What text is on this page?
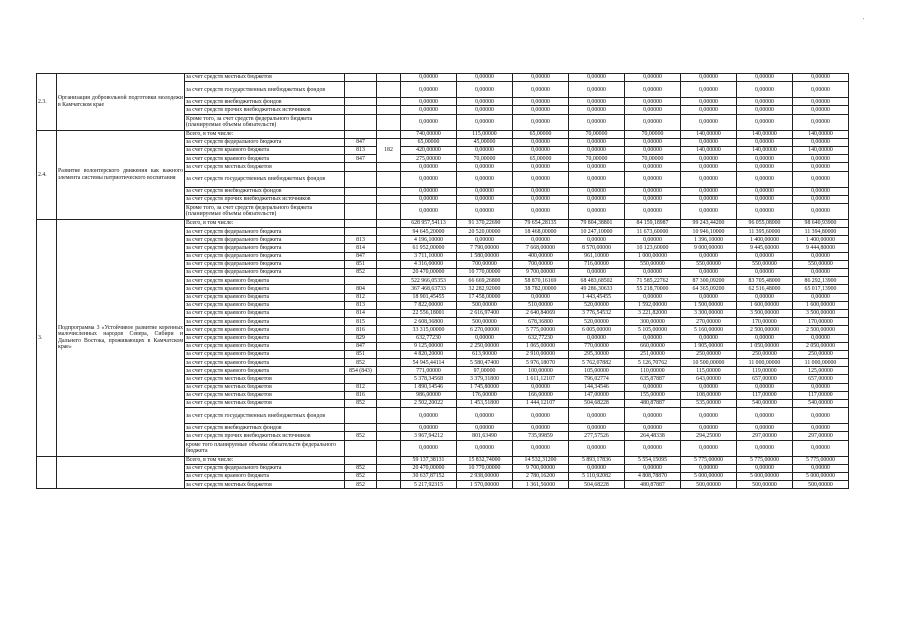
'
2.3.	Организация добровольной подготовки молодежи в Камчатском крае	за счет средств местных бюджетов			0,00000	0,00000	0,00000	0,00000	0,00000	0,00000	0,00000	0,00000
		за счет средств государственных внебюджетных фондов			0,00000	0,00000	0,00000	0,00000	0,00000	0,00000	0,00000	0,00000
		за счет средств внебюджетных фондов			0,00000	0,00000	0,00000	0,00000	0,00000	0,00000	0,00000	0,00000
		за счет средств прочих внебюджетных источников			0,00000	0,00000	0,00000	0,00000	0,00000	0,00000	0,00000	0,00000
		Кроме того, за счет средств федерального бюджета (планируемые объемы обязательств)			0,00000	0,00000	0,00000	0,00000	0,00000	0,00000	0,00000	0,00000
2.4.	Развитие волонтерского движения как важного элемента системы патриотического воспитания	Всего, в том числе:			740,00000	115,00000	65,00000	70,00000	70,00000	140,00000	140,00000	140,00000
		за счет средств федерального бюджета	847	182	65,00000	45,00000	0,00000	0,00000	0,00000	0,00000	0,00000	0,00000
		за счет средств краевого бюджета	813		420,00000	0,00000	0,00000	0,00000	0,00000	140,00000	140,00000	140,00000
		за счет средств краевого бюджета	847		275,00000	70,00000	65,00000	70,00000	70,00000	0,00000	0,00000	0,00000
		за счет средств местных бюджетов			0,00000	0,00000	0,00000	0,00000	0,00000	0,00000	0,00000	0,00000
		за счет средств государственных внебюджетных фондов			0,00000	0,00000	0,00000	0,00000	0,00000	0,00000	0,00000	0,00000
		за счет средств внебюджетных фондов			0,00000	0,00000	0,00000	0,00000	0,00000	0,00000	0,00000	0,00000
		за счет средств прочих внебюджетных источников			0,00000	0,00000	0,00000	0,00000	0,00000	0,00000	0,00000	0,00000
		Кроме того, за счет средств федерального бюджета (планируемые объемы обязательств)			0,00000	0,00000	0,00000	0,00000	0,00000	0,00000	0,00000	0,00000
3.	Подпрограмма 3 «Устойчивое развитие коренных малочисленных народов Севера, Сибири и Дальнего Востока, проживающих в Камчатском крае»	Всего, в том числе:			628 957,54113	91 370,22690	79 654,28135	79 804,38801	84 159,18987	99 243,44200	96 055,08000	98 640,93900
		за счет средств федерального бюджета			94 645,20000	20 520,00000	18 468,00000	10 247,10000	11 673,60000	10 946,10000	11 395,60000	11 394,80000
		за счет средств федерального бюджета	813		4 196,10000	0,00000	0,00000	0,00000	0,00000	1 396,10000	1 400,00000	1 400,00000
		за счет средств федерального бюджета	814		61 952,00000	7 790,00000	7 668,00000	8 570,00000	10 123,60000	9 000,00000	9 445,60000	9 444,80000
		за счет средств федерального бюджета	847		3 711,10000	1 580,00000	400,00000	961,10000	1 000,00000	0,00000	0,00000	0,00000
		за счет средств федерального бюджета	851		4 316,00000	700,00000	700,00000	716,00000	550,00000	550,00000	550,00000	550,00000
		за счет средств федерального бюджета	852		20 470,00000	10 770,00000	9 700,00000	0,00000	0,00000	0,00000	0,00000	0,00000
		за счет средств краевого бюджета			522 966,05353	66 669,26800	58 870,16169	68 483,68502	71 585,22762	87 300,09200	83 705,48000	86 292,13900
		за счет средств краевого бюджета	804		367 468,63733	32 282,92000	38 782,00000	49 286,30633	55 218,70000	64 365,09200	62 516,48000	65 017,13900
		за счет средств краевого бюджета	812		18 901,45455	17 458,00000	0,00000	1 443,45455	0,00000	0,00000	0,00000	0,00000
		за счет средств краевого бюджета	813		7 822,00000	500,00000	510,00000	520,00000	1 592,00000	1 500,00000	1 600,00000	1 600,00000
		за счет средств краевого бюджета	814		22 556,18001	2 616,97400	2 640,84069	3 776,54532	3 221,82000	3 300,00000	3 500,00000	3 500,00000
		за счет средств краевого бюджета	815		2 608,36800	500,00000	678,36800	520,00000	300,00000	270,00000	170,00000	170,00000
		за счет средств краевого бюджета	816		33 315,00000	6 270,00000	5 775,00000	6 005,00000	5 105,00000	5 160,00000	2 500,00000	2 500,00000
		за счет средств краевого бюджета	829		632,77230	0,00000	632,77230	0,00000	0,00000	0,00000	0,00000	0,00000
		за счет средств краевого бюджета	847		9 125,00000	2 250,00000	1 065,00000	770,00000	660,00000	1 905,00000	1 050,00000	2 050,00000
		за счет средств краевого бюджета	851		4 820,20000	613,90000	2 910,00000	295,30000	251,00000	250,00000	250,00000	250,00000
		за счет средств краевого бюджета	852		54 945,44114	5 580,47400	5 976,18070	5 762,07882	5 126,70762	10 500,00000	11 000,00000	11 000,00000
		за счет средств краевого бюджета	854 (843)		771,00000	97,00000	100,00000	105,00000	110,00000	115,00000	119,00000	125,00000
		за счет средств местных бюджетов			5 378,34568	3 379,31800	1 611,12107	796,02774	635,87887	643,00000	657,00000	657,00000
		за счет средств местных бюджетов	812		1 890,14546	1 745,80000	0,00000	144,34546	0,00000	0,00000	0,00000	0,00000
		за счет средств местных бюджетов	816		986,00000	176,00000	166,00000	147,00000	155,00000	108,00000	117,00000	117,00000
		за счет средств местных бюджетов	852		2 502,20022	1 453,51800	1 444,12107	504,68228	480,87887	535,00000	540,00000	540,00000
		за счет средств государственных внебюджетных фондов			0,00000	0,00000	0,00000	0,00000	0,00000	0,00000	0,00000	0,00000
		за счет средств внебюджетных фондов			0,00000	0,00000	0,00000	0,00000	0,00000	0,00000	0,00000	0,00000
		за счет средств прочих внебюджетных источников	852		3 967,94212	801,63490	735,99859	277,57526	264,48338	294,25000	297,00000	297,00000
		кроме того планируемые объемы обязательств федерального бюджета			0,00000	0,00000	0,00000	0,00000	0,00000	0,00000	0,00000	0,00000
		Всего, в том числе:			59 137,38131	15 832,74000	14 532,31200	5 893,17836	5 554,15095	5 775,00000	5 775,00000	5 775,00000
		за счет средств федерального бюджета	852		20 470,00000	10 770,00000	9 700,00000	0,00000	0,00000	0,00000	0,00000	0,00000
		за счет средств краевого бюджета	852		30 637,87152	2 938,00000	2 780,16200	5 110,92082	4 808,78870	5 000,00000	5 000,00000	5 000,00000
		за счет средств местных бюджетов	852		5 217,92315	1 570,00000	1 361,56000	504,68228	480,87887	500,00000	500,00000	500,00000
